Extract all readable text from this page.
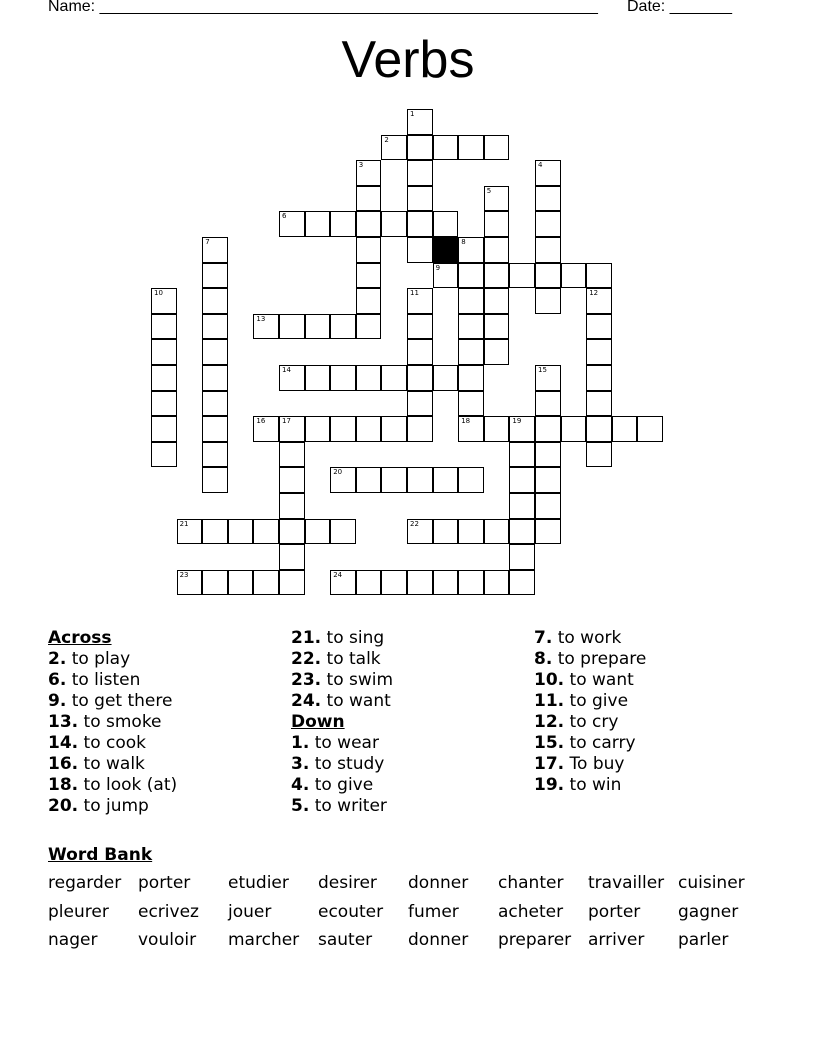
Name: ________________________________________________________ Date: _______
Verbs
1
2
3	4
5
6
7	8
18
9
10	11	12
13
14	15
16 17	19
20
21	22
23	24
Across
2. to play
6. to listen
9. to get there
13. to smoke
14. to cook
16. to walk
18. to look (at)
20. to jump
21. to sing
22. to talk
23. to swim
24. to want
Down
1. to wear
3. to study
4. to give
5. to writer
7. to work
8. to prepare
10. to want
11. to give
12. to cry
15. to carry
17. To buy
19. to win
Word Bank
regarder porter etudier desirer donner chanter travailler cuisiner
pleurer ecrivez jouer	ecouter fumer acheter porter gagner
nager vouloir marcher sauter donner preparer arriver parler
